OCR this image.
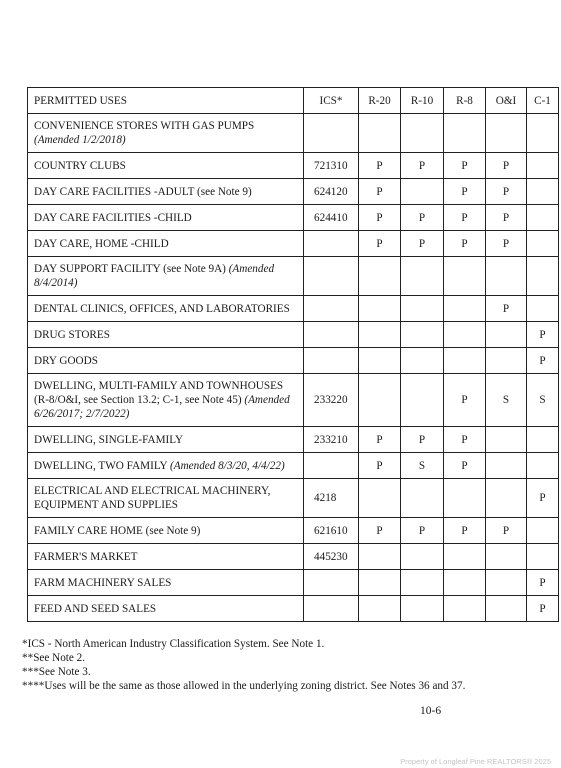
PERMITTED USES	ICS*	R-20	R-10	R-8	O&I	C-1
CONVENIENCE STORES WITH GAS PUMPS (Amended 1/2/2018)						
COUNTRY CLUBS	721310	P	P	P	P	
DAY CARE FACILITIES -ADULT (see Note 9)	624120	P		P	P	
DAY CARE FACILITIES -CHILD	624410	P	P	P	P	
DAY CARE, HOME -CHILD		P	P	P	P	
DAY SUPPORT FACILITY (see Note 9A) (Amended 8/4/2014)						
DENTAL CLINICS, OFFICES, AND LABORATORIES					P	
DRUG STORES						P
DRY GOODS						P
DWELLING, MULTI-FAMILY AND TOWNHOUSES (R-8/O&I, see Section 13.2; C-1, see Note 45) (Amended 6/26/2017; 2/7/2022)	233220			P	S	S
DWELLING, SINGLE-FAMILY	233210	P	P	P		
DWELLING, TWO FAMILY (Amended 8/3/20, 4/4/22)		P	S	P		
ELECTRICAL AND ELECTRICAL MACHINERY, EQUIPMENT AND SUPPLIES	4218					P
FAMILY CARE HOME (see Note 9)	621610	P	P	P	P	
FARMER'S MARKET	445230					
FARM MACHINERY SALES						P
FEED AND SEED SALES						P
*ICS - North American Industry Classification System. See Note 1.
**See Note 2.
***See Note 3.
****Uses will be the same as those allowed in the underlying zoning district. See Notes 36 and 37.
10-6
Property of Longleaf Pine REALTORS® 2025
